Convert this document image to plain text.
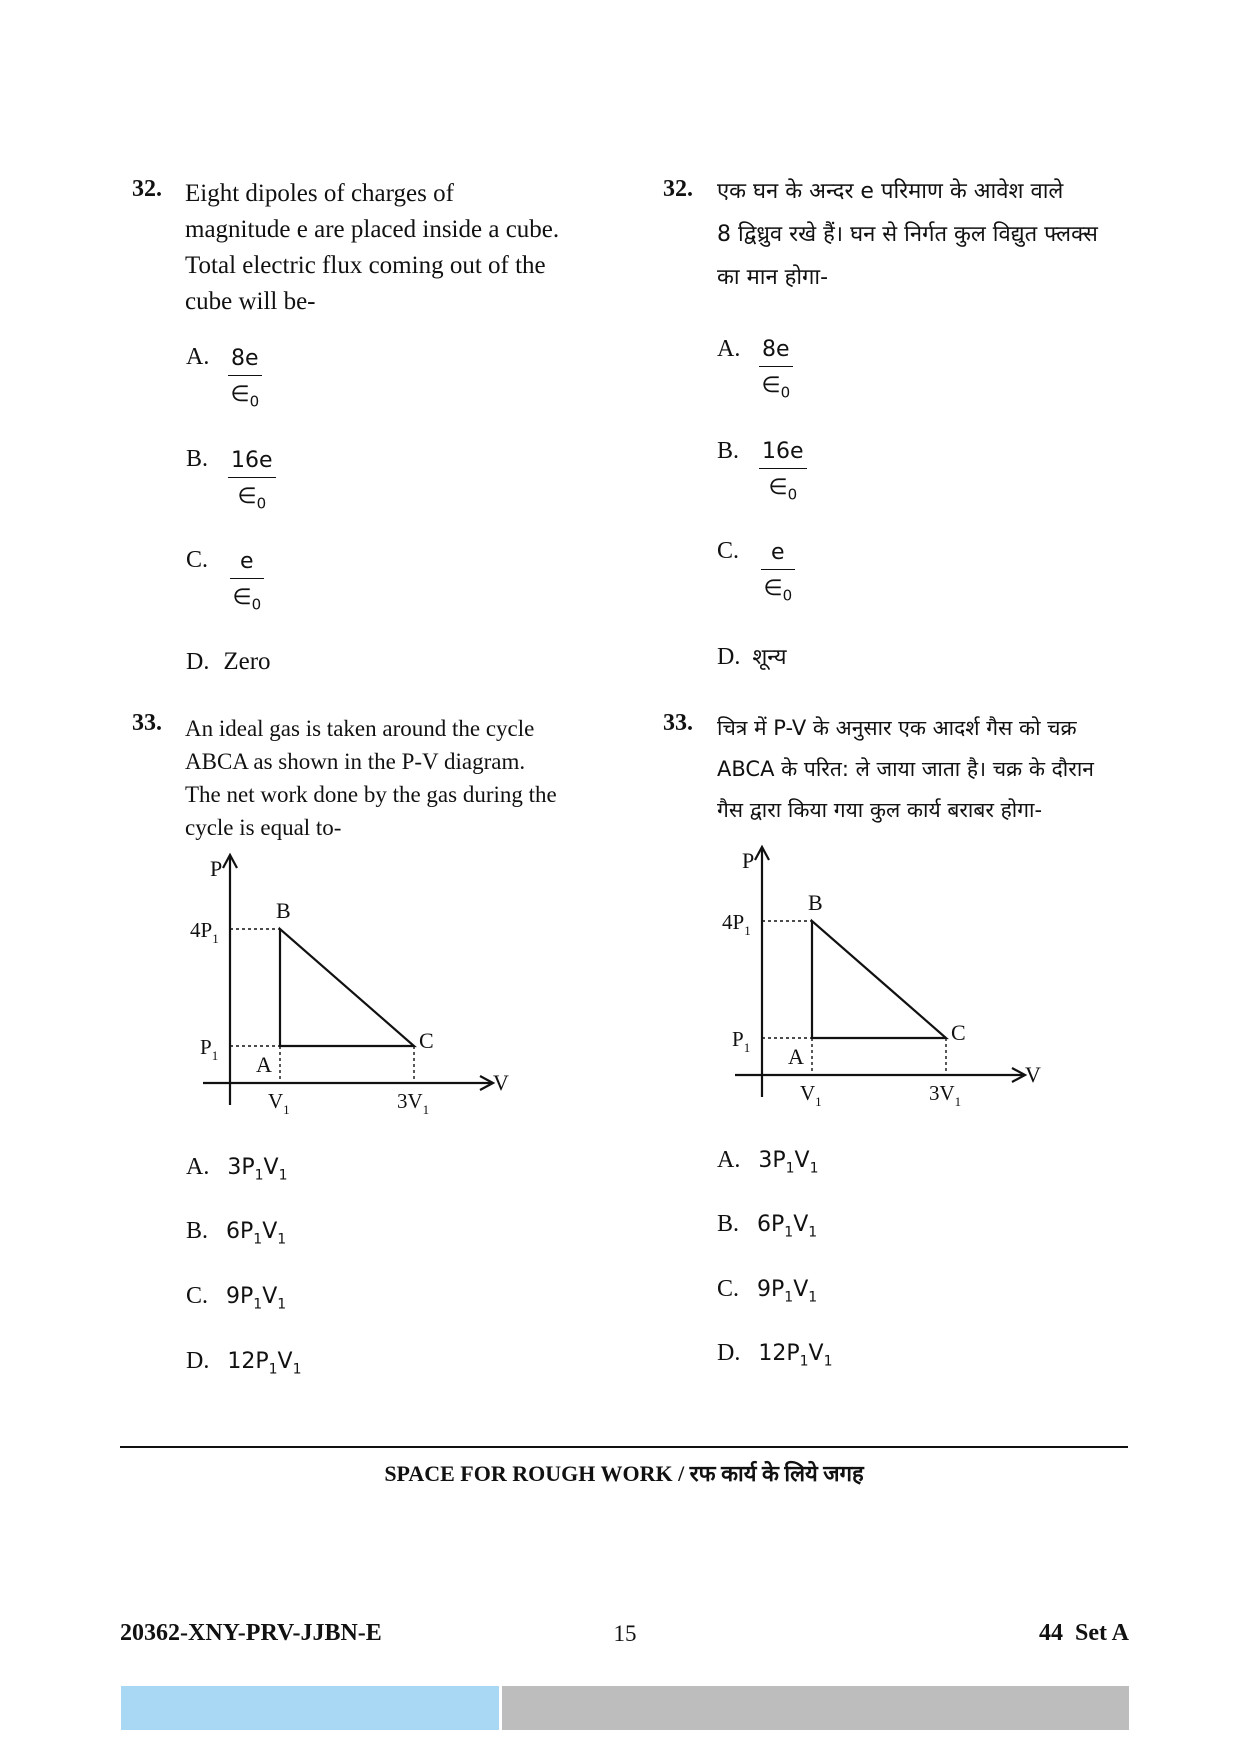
32. Eight dipoles of charges of
magnitude e are placed inside a cube.
Total electric flux coming out of the
cube will be-
A. $\frac{8e}{\in_0}$
B. $\frac{16e}{\in_0}$
C. $\frac{e}{\in_0}$
D. Zero
33. An ideal gas is taken around the cycle
ABCA as shown in the P-V diagram.
The net work done by the gas during the
cycle is equal to-
P
V
$4P_1$
$P_1$
$V_1$	$3V_1$
B
A
C
A. $3P_1V_1$
B. $6P_1V_1$
C. $9P_1V_1$
D. $12P_1V_1$
32. एक घन के अन्दर e परिमाण के आवेश वाले
8 द्विध्रुव रखे हैं। घन से निर्गत कुल विद्युत फ्लक्स
का मान होगा-
A. $\frac{8e}{\in_0}$
B. $\frac{16e}{\in_0}$
C. $\frac{e}{\in_0}$
D. शून्य
33. चित्र में P-V के अनुसार एक आदर्श गैस को चक्र
ABCA के परित: ले जाया जाता है। चक्र के दौरान
गैस द्वारा किया गया कुल कार्य बराबर होगा-
P
V
$4P_1$
$P_1$
$V_1$	$3V_1$
B
A
C
A. $3P_1V_1$
B. $6P_1V_1$
C. $9P_1V_1$
D. $12P_1V_1$
SPACE FOR ROUGH WORK / रफ कार्य के लिये जगह
20362-XNY-PRV-JJBN-E	15	44  Set A
